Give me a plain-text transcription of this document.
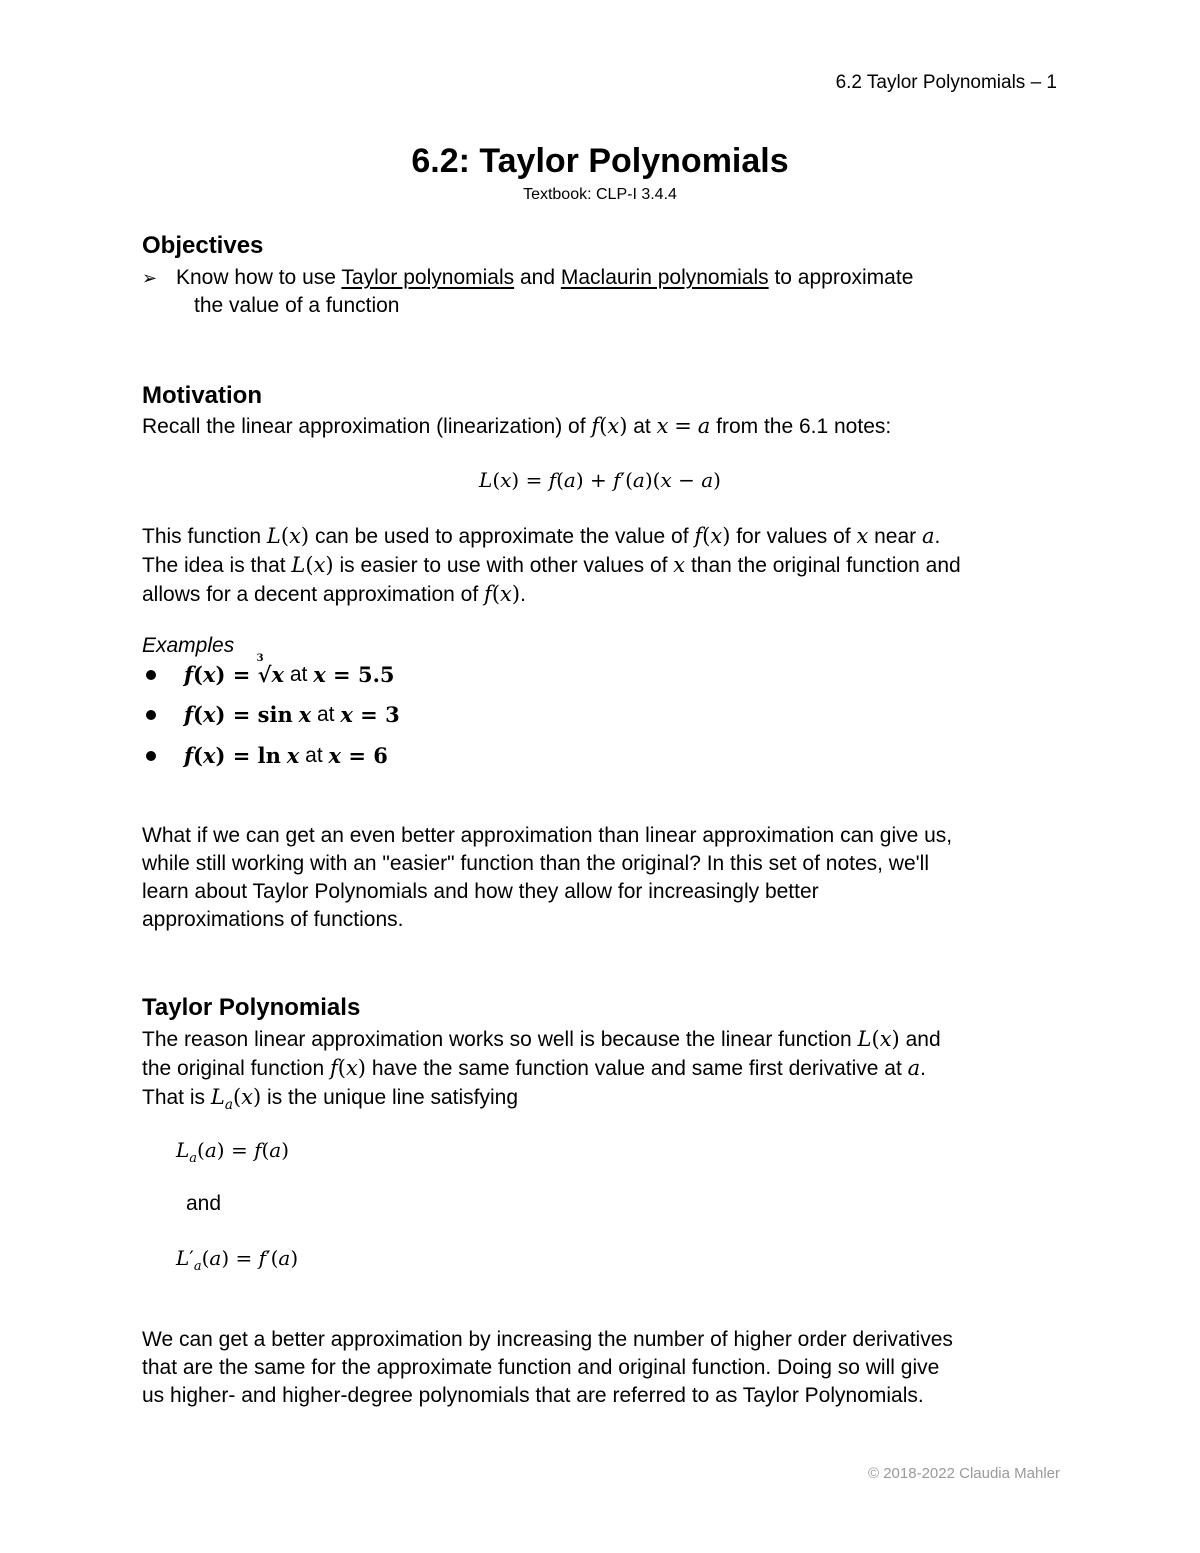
6.2 Taylor Polynomials – 1
6.2: Taylor Polynomials
Textbook: CLP-I 3.4.4
Objectives
➢ Know how to use Taylor polynomials and Maclaurin polynomials to approximate
the value of a function
Motivation
Recall the linear approximation (linearization) of f(x) at x = a from the 6.1 notes:
L(x) = f(a) + f′(a)(x − a)
This function L(x) can be used to approximate the value of f(x) for values of x near a.
The idea is that L(x) is easier to use with other values of x than the original function and
allows for a decent approximation of f(x).
Examples
f ( x ) =
3
√x
at
x = 5.5
f ( x ) = sin
x
at
x = 3
f ( x ) = ln
x
at
x = 6
What if we can get an even better approximation than linear approximation can give us,
while still working with an "easier" function than the original? In this set of notes, we'll
learn about Taylor Polynomials and how they allow for increasingly better
approximations of functions.
Taylor Polynomials
The reason linear approximation works so well is because the linear function L(x) and
the original function f(x) have the same function value and same first derivative at a.
That is $L_a(x)$ is the unique line satisfying
$L_a(a) = f(a)$
and
$L'_a(a) = f'(a)$
We can get a better approximation by increasing the number of higher order derivatives
that are the same for the approximate function and original function. Doing so will give
us higher- and higher-degree polynomials that are referred to as Taylor Polynomials.
© 2018-2022 Claudia Mahler
